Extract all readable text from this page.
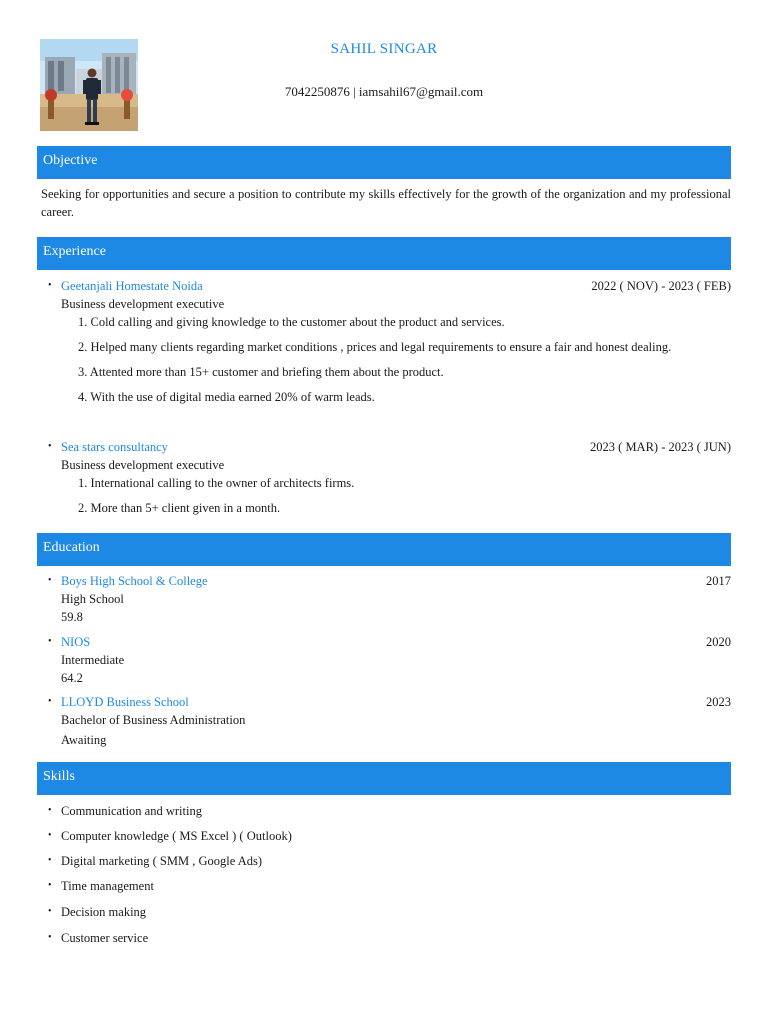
SAHIL SINGAR
7042250876 | iamsahil67@gmail.com
Objective
Seeking for opportunities and secure a position to contribute my skills effectively for the growth of the organization and my professional career.
Experience
• Geetanjali Homestate Noida	2022 ( NOV) - 2023 ( FEB)
Business development executive
1. Cold calling and giving knowledge to the customer about the product and services.
2. Helped many clients regarding market conditions , prices and legal requirements to ensure a fair and honest dealing.
3. Attented more than 15+ customer and briefing them about the product.
4. With the use of digital media earned 20% of warm leads.
• Sea stars consultancy	2023 ( MAR) - 2023 ( JUN)
Business development executive
1. International calling to the owner of architects firms.
2. More than 5+ client given in a month.
Education
• Boys High School & College	2017
High School
59.8
• NIOS	2020
Intermediate
64.2
• LLOYD Business School	2023
Bachelor of Business Administration
Awaiting
Skills
• Communication and writing
• Computer knowledge ( MS Excel ) ( Outlook)
• Digital marketing ( SMM , Google Ads)
• Time management
• Decision making
• Customer service
